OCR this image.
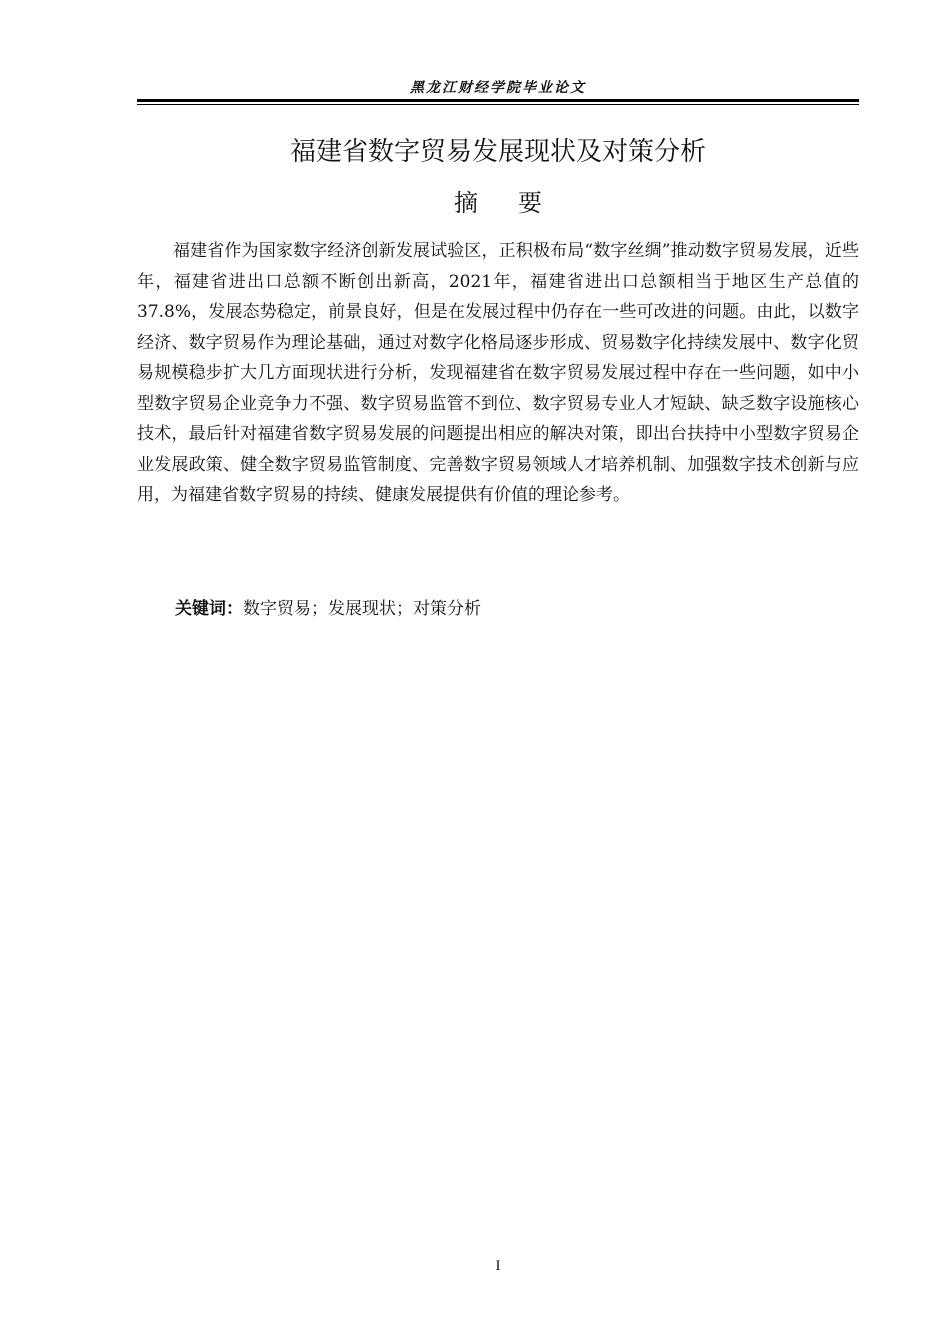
黑龙江财经学院毕业论文
福建省数字贸易发展现状及对策分析
摘要

福建省作为国家数字经济创新发展试验区，正积极布局“数字丝绸”推动数字贸易发展，近些年，福建省进出口总额不断创出新高，2021年，福建省进出口总额相当于地区生产总值的37.8%，发展态势稳定，前景良好，但是在发展过程中仍存在一些可改进的问题。由此，以数字经济、数字贸易作为理论基础，通过对数字化格局逐步形成、贸易数字化持续发展中、数字化贸易规模稳步扩大几方面现状进行分析，发现福建省在数字贸易发展过程中存在一些问题，如中小型数字贸易企业竞争力不强、数字贸易监管不到位、数字贸易专业人才短缺、缺乏数字设施核心技术，最后针对福建省数字贸易发展的问题提出相应的解决对策，即出台扶持中小型数字贸易企业发展政策、健全数字贸易监管制度、完善数字贸易领域人才培养机制、加强数字技术创新与应用，为福建省数字贸易的持续、健康发展提供有价值的理论参考。

关键词：数字贸易；发展现状；对策分析
I
